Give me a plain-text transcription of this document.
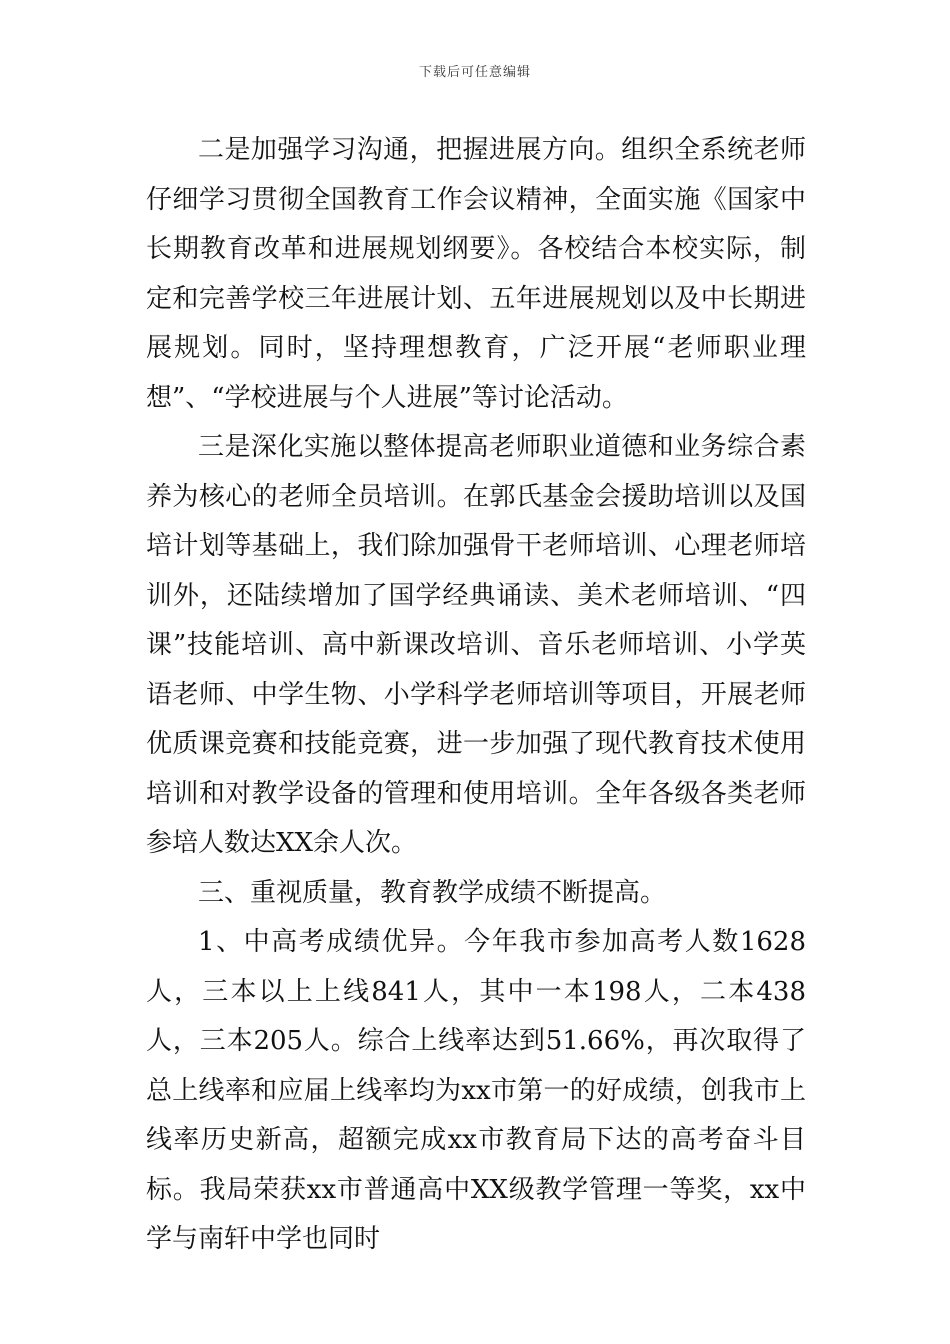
下载后可任意编辑

二是加强学习沟通，把握进展方向。组织全系统老师仔细学习贯彻全国教育工作会议精神，全面实施《国家中长期教育改革和进展规划纲要》。各校结合本校实际，制定和完善学校三年进展计划、五年进展规划以及中长期进展规划。同时，坚持理想教育，广泛开展“老师职业理想”、“学校进展与个人进展”等讨论活动。

三是深化实施以整体提高老师职业道德和业务综合素养为核心的老师全员培训。在郭氏基金会援助培训以及国培计划等基础上，我们除加强骨干老师培训、心理老师培训外，还陆续增加了国学经典诵读、美术老师培训、“四课”技能培训、高中新课改培训、音乐老师培训、小学英语老师、中学生物、小学科学老师培训等项目，开展老师优质课竞赛和技能竞赛，进一步加强了现代教育技术使用培训和对教学设备的管理和使用培训。全年各级各类老师参培人数达XX余人次。

三、重视质量，教育教学成绩不断提高。

1、中高考成绩优异。今年我市参加高考人数1628人，三本以上上线841人，其中一本198人，二本438人，三本205人。综合上线率达到51.66%，再次取得了总上线率和应届上线率均为xx市第一的好成绩，创我市上线率历史新高，超额完成xx市教育局下达的高考奋斗目标。我局荣获xx市普通高中XX级教学管理一等奖，xx中学与南轩中学也同时
